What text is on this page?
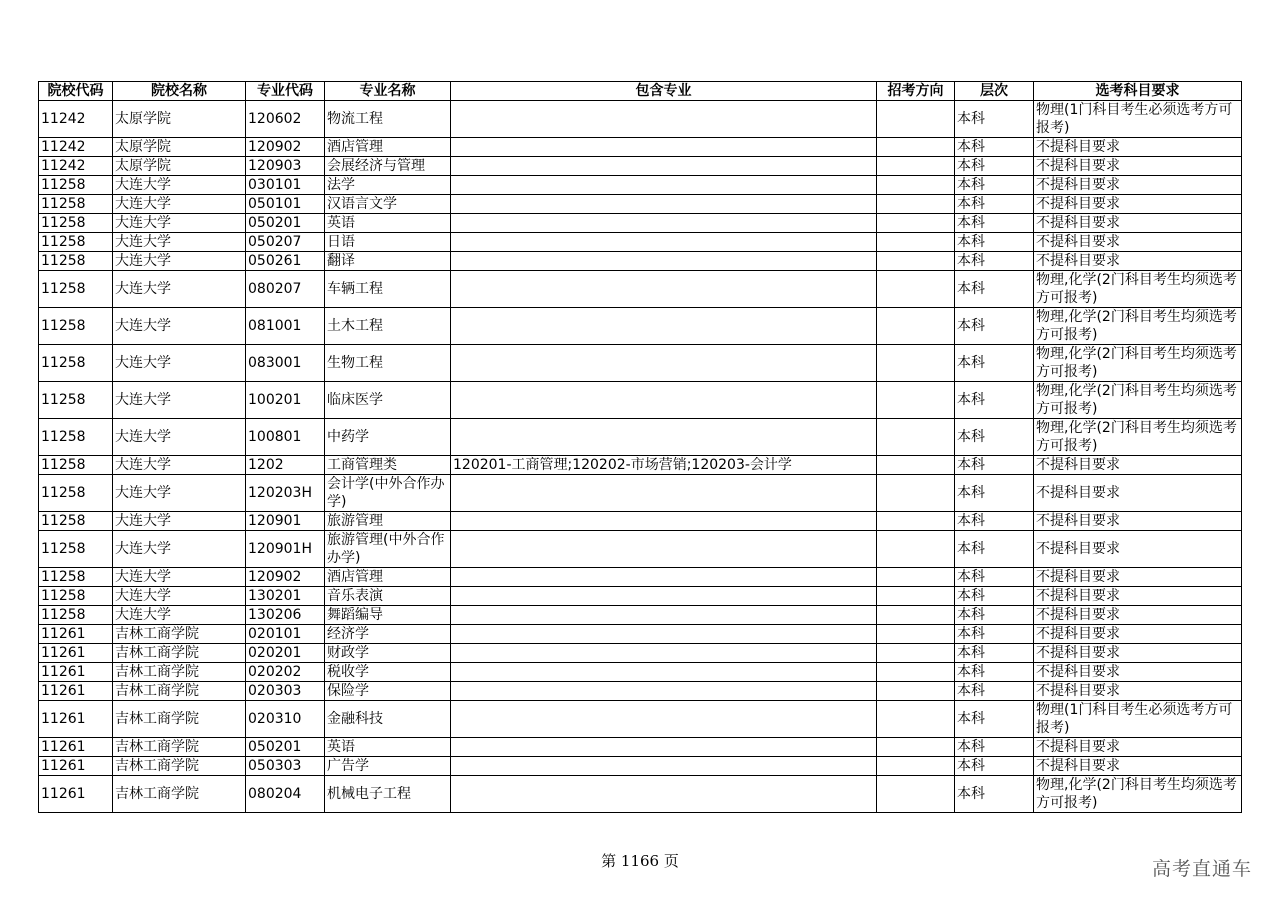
院校代码	院校名称	专业代码	专业名称	包含专业	招考方向	层次	选考科目要求
11242	太原学院	120602	物流工程			本科	物理(1门科目考生必须选考方可报考)
11242	太原学院	120902	酒店管理			本科	不提科目要求
11242	太原学院	120903	会展经济与管理			本科	不提科目要求
11258	大连大学	030101	法学			本科	不提科目要求
11258	大连大学	050101	汉语言文学			本科	不提科目要求
11258	大连大学	050201	英语			本科	不提科目要求
11258	大连大学	050207	日语			本科	不提科目要求
11258	大连大学	050261	翻译			本科	不提科目要求
11258	大连大学	080207	车辆工程			本科	物理,化学(2门科目考生均须选考方可报考)
11258	大连大学	081001	土木工程			本科	物理,化学(2门科目考生均须选考方可报考)
11258	大连大学	083001	生物工程			本科	物理,化学(2门科目考生均须选考方可报考)
11258	大连大学	100201	临床医学			本科	物理,化学(2门科目考生均须选考方可报考)
11258	大连大学	100801	中药学			本科	物理,化学(2门科目考生均须选考方可报考)
11258	大连大学	1202	工商管理类	120201-工商管理;120202-市场营销;120203-会计学		本科	不提科目要求
11258	大连大学	120203H	会计学(中外合作办学)			本科	不提科目要求
11258	大连大学	120901	旅游管理			本科	不提科目要求
11258	大连大学	120901H	旅游管理(中外合作办学)			本科	不提科目要求
11258	大连大学	120902	酒店管理			本科	不提科目要求
11258	大连大学	130201	音乐表演			本科	不提科目要求
11258	大连大学	130206	舞蹈编导			本科	不提科目要求
11261	吉林工商学院	020101	经济学			本科	不提科目要求
11261	吉林工商学院	020201	财政学			本科	不提科目要求
11261	吉林工商学院	020202	税收学			本科	不提科目要求
11261	吉林工商学院	020303	保险学			本科	不提科目要求
11261	吉林工商学院	020310	金融科技			本科	物理(1门科目考生必须选考方可报考)
11261	吉林工商学院	050201	英语			本科	不提科目要求
11261	吉林工商学院	050303	广告学			本科	不提科目要求
11261	吉林工商学院	080204	机械电子工程			本科	物理,化学(2门科目考生均须选考方可报考)
第 1166 页	高考直通车
